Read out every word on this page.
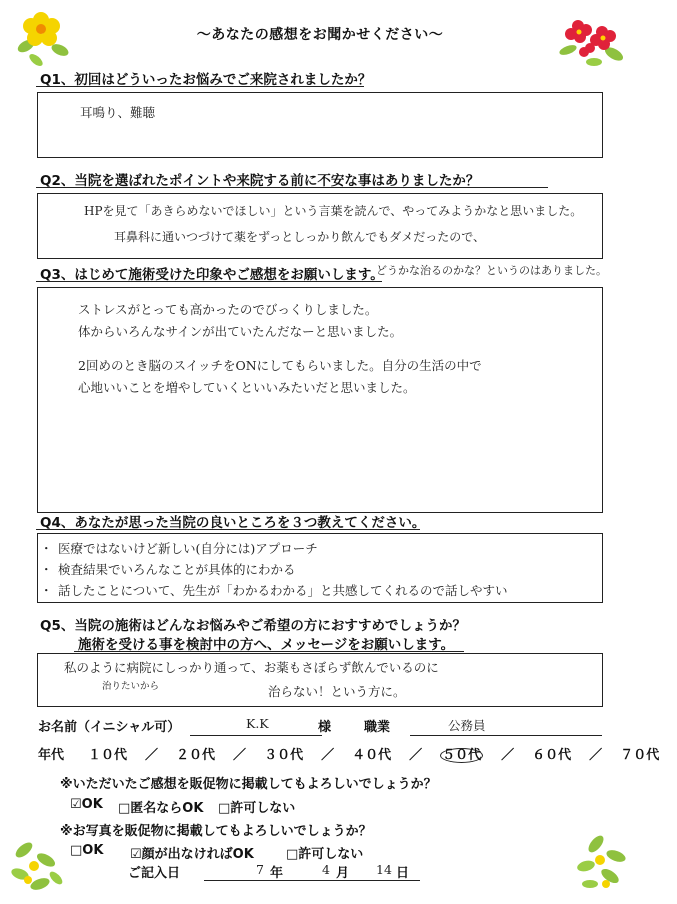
～あなたの感想をお聞かせください～
Q1、初回はどういったお悩みでご来院されましたか？
耳鳴り、難聴
Q2、当院を選ばれたポイントや来院する前に不安な事はありましたか？
HPを見て「あきらめないでほしい」という言葉を読んで、やってみようかなと思いました。
耳鼻科に通いつづけて薬をずっとしっかり飲んでもダメだったので、
どうかな治るのかな？というのはありました。
Q3、はじめて施術受けた印象やご感想をお願いします。
ストレスがとっても高かったのでびっくりしました。
体からいろんなサインが出ていたんだなーと思いました。
2回めのとき脳のスイッチをONにしてもらいました。自分の生活の中で
心地いいことを増やしていくといいみたいだと思いました。
Q4、あなたが思った当院の良いところを３つ教えてください。
・ 医療ではないけど新しい(自分には)アプローチ
・ 検査結果でいろんなことが具体的にわかる
・ 話したことについて、先生が「わかるわかる」と共感してくれるので話しやすい
Q5、当院の施術はどんなお悩みやご希望の方におすすめでしょうか？
施術を受ける事を検討中の方へ、メッセージをお願いします。
私のように病院にしっかり通って、お薬もさぼらず飲んでいるのに
治りたいから	治らない！という方に。
お名前（イニシャル可）	K.K	様	職業	公務員
年代 １０代 ／ ２０代 ／ ３０代 ／ ４０代 ／ ５０代 ／ ６０代 ／ ７０代
※いただいたご感想を販促物に掲載してもよろしいでしょうか？
☑OK □匿名ならOK □許可しない
※お写真を販促物に掲載してもよろしいでしょうか？
□OK ☑顔が出なければOK □許可しない
ご記入日	7 年	4 月 14 日
